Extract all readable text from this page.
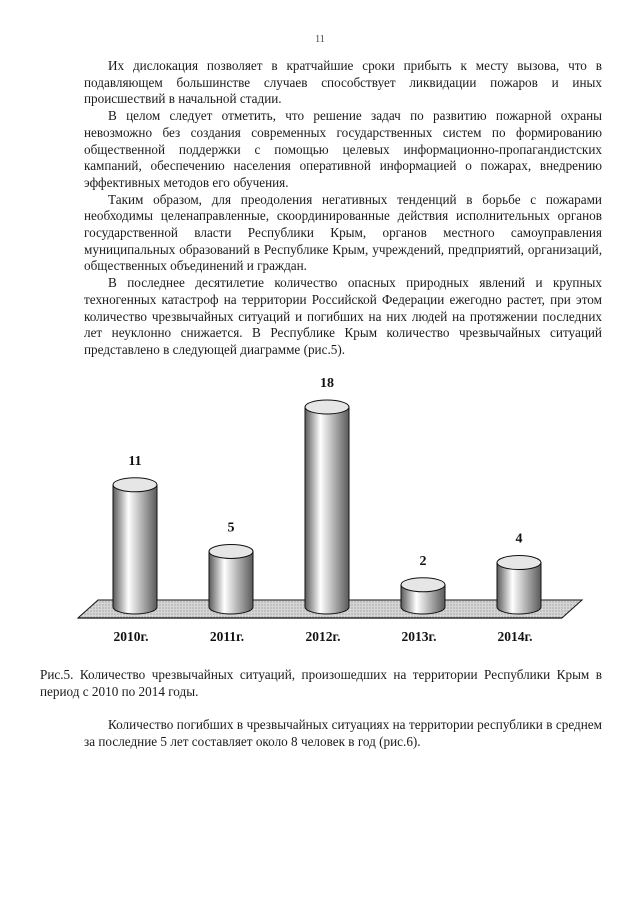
11

Их дислокация позволяет в кратчайшие сроки прибыть к месту вызова, что в подавляющем большинстве случаев способствует ликвидации пожаров и иных происшествий в начальной стадии.

В целом следует отметить, что решение задач по развитию пожарной охраны невозможно без создания современных государственных систем по формированию общественной поддержки с помощью целевых информационно-пропагандистских кампаний, обеспечению населения оперативной информацией о пожарах, внедрению эффективных методов его обучения.

Таким образом, для преодоления негативных тенденций в борьбе с пожарами необходимы целенаправленные, скоординированные действия исполнительных органов государственной власти Республики Крым, органов местного самоуправления муниципальных образований в Республике Крым, учреждений, предприятий, организаций, общественных объединений и граждан.

В последнее десятилетие количество опасных природных явлений и крупных техногенных катастроф на территории Российской Федерации ежегодно растет, при этом количество чрезвычайных ситуаций и погибших на них людей на протяжении последних лет неуклонно снижается. В Республике Крым количество чрезвычайных ситуаций представлено в следующей диаграмме (рис.5).

11
2010г.
5
2011г.
18
2012г.
2
2013г.
4
2014г.

Рис.5. Количество чрезвычайных ситуаций, произошедших на территории Республики Крым в период с 2010 по 2014 годы.

Количество погибших в чрезвычайных ситуациях на территории республики в среднем за последние 5 лет составляет около 8 человек в год (рис.6).
